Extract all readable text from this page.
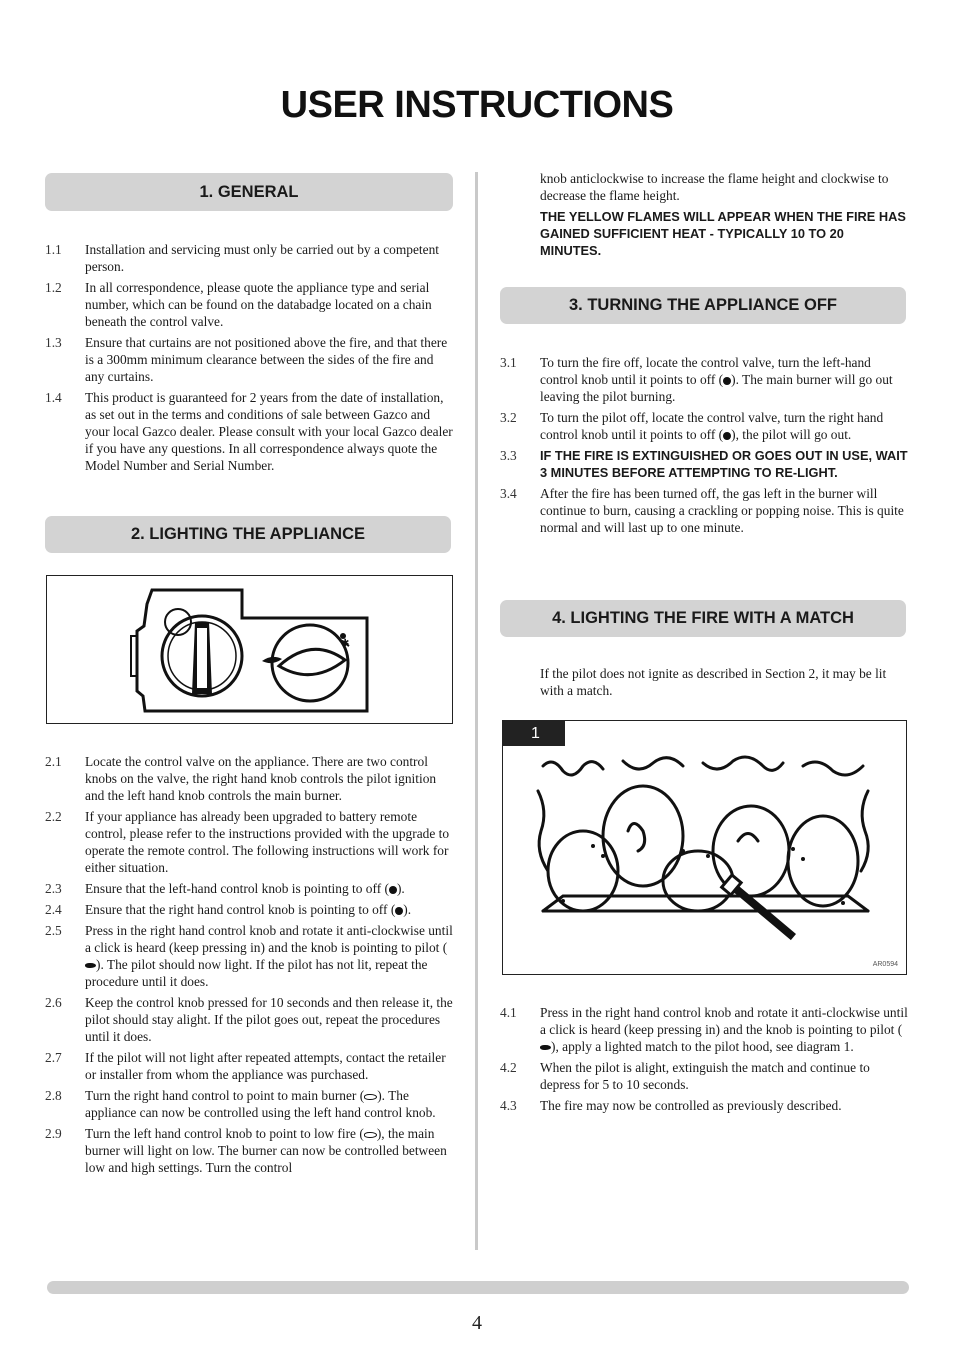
USER INSTRUCTIONS
1. GENERAL
1.1	Installation and servicing must only be carried out by a competent person.
1.2	In all correspondence, please quote the appliance type and serial number, which can be found on the databadge located on a chain beneath the control valve.
1.3	Ensure that curtains are not positioned above the fire, and that there is a 300mm minimum clearance between the sides of the fire and any curtains.
1.4	This product is guaranteed for 2 years from the date of installation, as set out in the terms and conditions of sale between Gazco and your local Gazco dealer. Please consult with your local Gazco dealer if you have any questions. In all correspondence always quote the Model Number and Serial Number.
2. LIGHTING THE APPLIANCE
✱
2.1	Locate the control valve on the appliance. There are two control knobs on the valve, the right hand knob controls the pilot ignition and the left hand knob controls the main burner.
2.2	If your appliance has already been upgraded to battery remote control, please refer to the instructions provided with the upgrade to operate the remote control. The following instructions will work for either situation.
2.3	Ensure that the left-hand control knob is pointing to off ( ).
2.4	Ensure that the right hand control knob is pointing to off ( ).
2.5	Press in the right hand control knob and rotate it anti-clockwise until a click is heard (keep pressing in) and the knob is pointing to pilot (). The pilot should now light. If the pilot has not lit, repeat the procedure until it does.
2.6	Keep the control knob pressed for 10 seconds and then release it, the pilot should stay alight. If the pilot goes out, repeat the procedures until it does.
2.7	If the pilot will not light after repeated attempts, contact the retailer or installer from whom the appliance was purchased.
2.8	Turn the right hand control to point to main burner ( ). The appliance can now be controlled using the left hand control knob.
2.9	Turn the left hand control knob to point to low fire ( ), the main burner will light on low. The burner can now be controlled between low and high settings. Turn the control

knob anticlockwise to increase the flame height and clockwise to decrease the flame height.

THE YELLOW FLAMES WILL APPEAR WHEN THE FIRE HAS GAINED SUFFICIENT HEAT - TYPICALLY 10 TO 20 MINUTES.

3. TURNING THE APPLIANCE OFF
3.1	To turn the fire off, locate the control valve, turn the left-hand control knob until it points to off ( ). The main burner will go out leaving the pilot burning.
3.2	To turn the pilot off, locate the control valve, turn the right hand control knob until it points to off ( ), the pilot will go out.
3.3	IF THE FIRE IS EXTINGUISHED OR GOES OUT IN USE, WAIT 3 MINUTES BEFORE ATTEMPTING TO RE-LIGHT.
3.4	After the fire has been turned off, the gas left in the burner will continue to burn, causing a crackling or popping noise. This is quite normal and will last up to one minute.
4. LIGHTING THE FIRE WITH A MATCH

If the pilot does not ignite as described in Section 2, it may be lit with a match.

1
AR0594
4.1	Press in the right hand control knob and rotate it anti-clockwise until a click is heard (keep pressing in) and the knob is pointing to pilot (), apply a lighted match to the pilot hood, see diagram 1.
4.2	When the pilot is alight, extinguish the match and continue to depress for 5 to 10 seconds.
4.3	The fire may now be controlled as previously described.
4
